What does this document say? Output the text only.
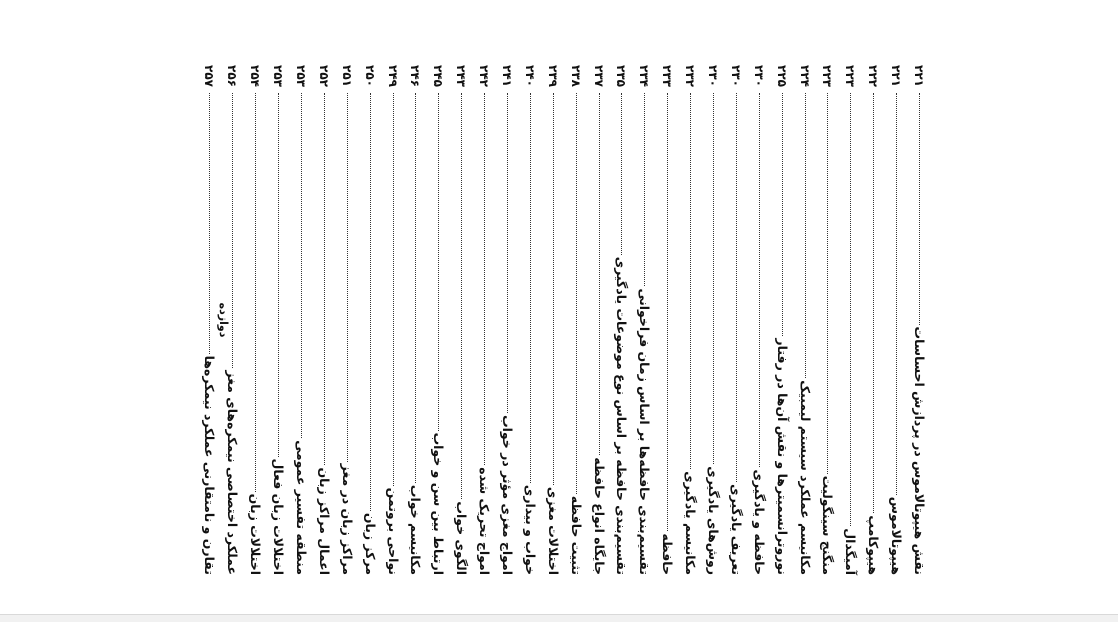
نقش هیپوتالاموس در پردازش احساسات
۲۲۱
هیپوتالاموس
۲۲۱
هیپوکامپ
۲۲۲
آمیگدال
۲۲۳
منگنج سینگولیت
۲۲۳
مکانیسم عملکرد سیستم لیمبیک
۲۲۴
نوروترانسمیترها و نقش آن‌ها در رفتار
۲۲۵
حافظه و یادگیری
۲۳۰
تعریف یادگیری
۲۳۰
روش‌های یادگیری
۲۳۰
مکانیسم یادگیری
۲۳۲
حافظه
۲۳۳
تقسیم‌بندی حافظه‌ها بر اساس زمان فراخوانی
۲۳۴
تقسیم‌بندی حافظه بر اساس نوع موضوعات یادگیری
۲۳۵
جایگاه انواع حافظه
۲۳۷
تثبیت حافظه
۲۳۸
اختلالات مغزی
۲۳۹
خواب و بیداری
۲۴۰
امواج مغزی مؤثر در خواب
۲۴۱
امواج تحریک شده
۲۴۲
الگوی خواب
۲۴۳
ارتباط بین سن و خواب
۲۴۵
مکانیسم خواب
۲۴۶
نواحی بروتمن
۲۴۹
مرکز زبان
۲۵۰
مراکز زبان در مغز
۲۵۱
اعمال مراکز زبان
۲۵۲
منطقه تفسیر عمومی
۲۵۳
اختلالات زبان فعال
۲۵۳
اختلالات زبان
۲۵۴
عملکرد اختصاصی نیمکره‌های مغز
۲۵۶
تقارن و نامتقارنی عملکرد نیمکره‌ها
۲۵۷
دوازده
